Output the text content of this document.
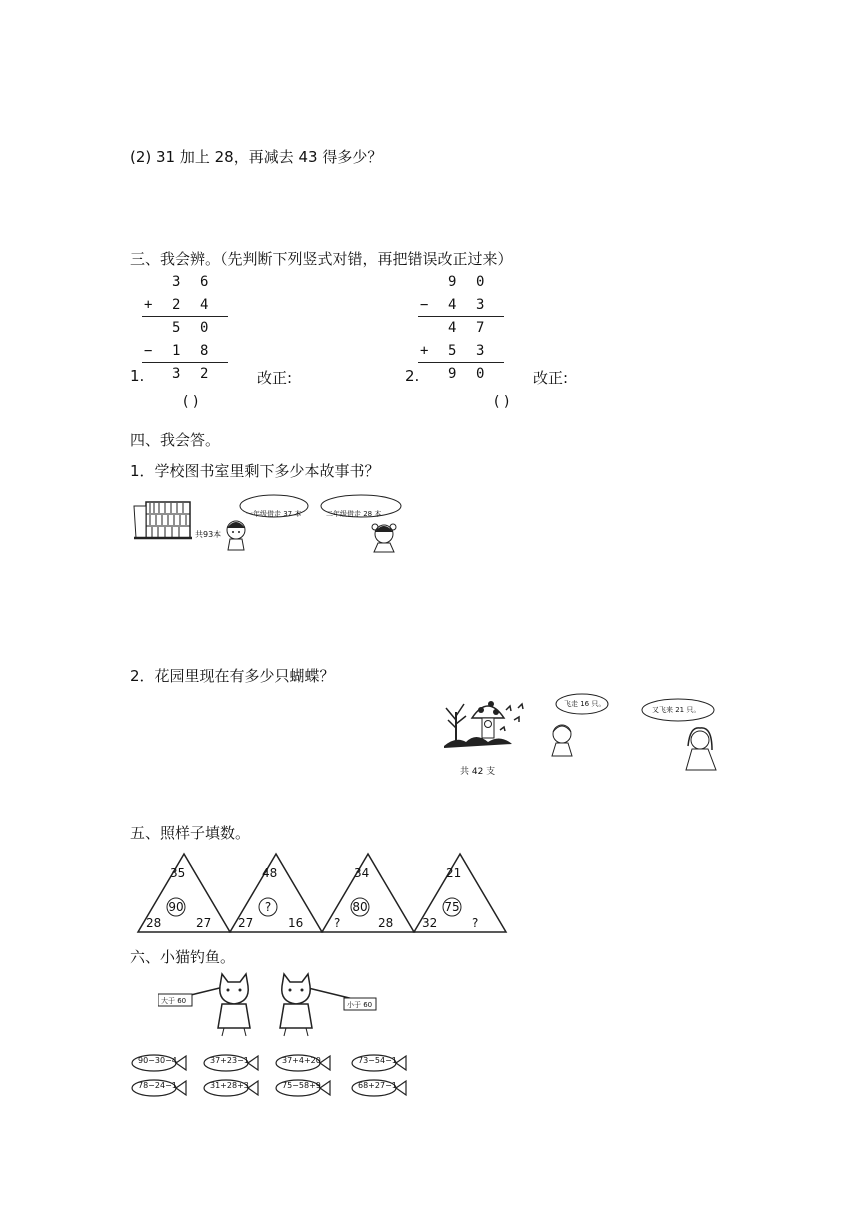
(2) 31 加上 28，再减去 43 得多少？
三、我会辨。（先判断下列竖式对错，再把错误改正过来）
3 6
+ 2 4
5 0
− 1 8
3 2
1.	改正:
( )
9 0
− 4 3
4 7
+ 5 3
9 0
2.	改正:
( )
四、我会答。
1．学校图书室里剩下多少本故事书？
共93本
一年级借走 37 本	二年级借走 28 本
2．花园里现在有多少只蝴蝶？
共 42 支
飞走 16 只。
又飞来 21 只。
五、照样子填数。
35
90
28	27
48
?
27	16
34
80
?	28
21
75
32	?
六、小猫钓鱼。
大于 60	小于 60
90−30−4	37+23−1	37+4+20	73−54−1
78−24−1	31+28+3	75−58+9	68+27−1
